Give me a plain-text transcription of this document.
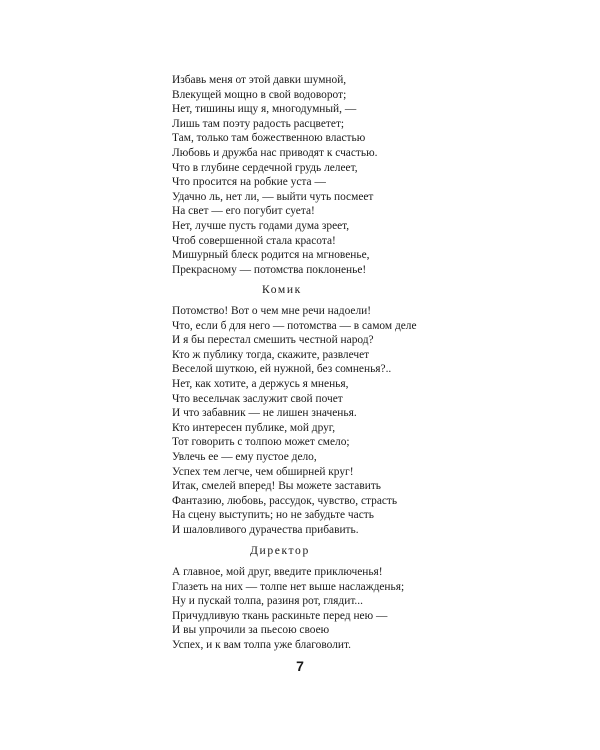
Избавь меня от этой давки шумной,
Влекущей мощно в свой водоворот;
Нет, тишины ищу я, многодумный, —
Лишь там поэту радость расцветет;
Там, только там божественною властью
Любовь и дружба нас приводят к счастью.
Что в глубине сердечной грудь лелеет,
Что просится на робкие уста —
Удачно ль, нет ли, — выйти чуть посмеет
На свет — его погубит суета!
Нет, лучше пусть годами дума зреет,
Чтоб совершенной стала красота!
Мишурный блеск родится на мгновенье,
Прекрасному — потомства поклоненье!
Комик
Потомство! Вот о чем мне речи надоели!
Что, если б для него — потомства — в самом деле
И я бы перестал смешить честной народ?
Кто ж публику тогда, скажите, развлечет
Веселой шуткою, ей нужной, без сомненья?..
Нет, как хотите, а держусь я мненья,
Что весельчак заслужит свой почет
И что забавник — не лишен значенья.
Кто интересен публике, мой друг,
Тот говорить с толпою может смело;
Увлечь ее — ему пустое дело,
Успех тем легче, чем обширней круг!
Итак, смелей вперед! Вы можете заставить
Фантазию, любовь, рассудок, чувство, страсть
На сцену выступить; но не забудьте часть
И шаловливого дурачества прибавить.
Директор
А главное, мой друг, введите приключенья!
Глазеть на них — толпе нет выше наслажденья;
Ну и пускай толпа, разиня рот, глядит...
Причудливую ткань раскиньте перед нею —
И вы упрочили за пьесою своею
Успех, и к вам толпа уже благоволит.
7
